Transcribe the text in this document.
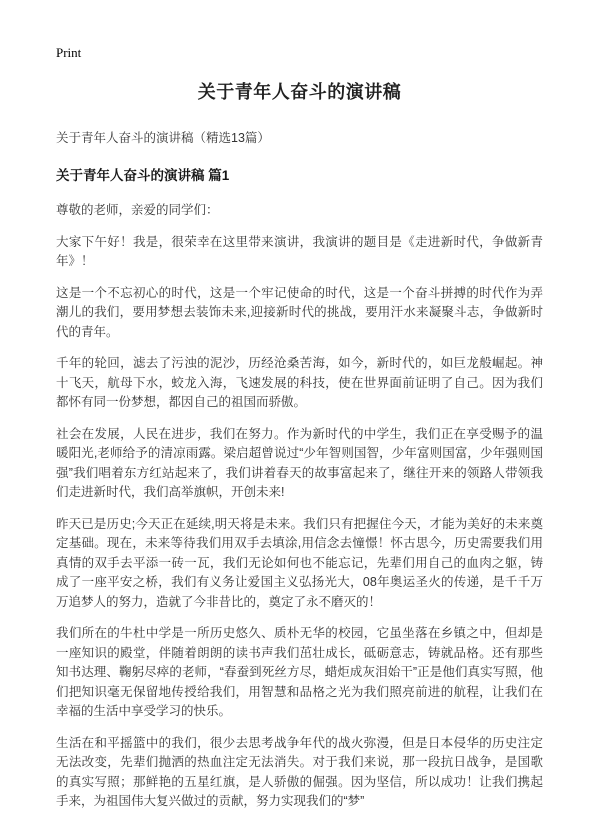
Print
关于青年人奋斗的演讲稿

关于青年人奋斗的演讲稿（精选13篇）

关于青年人奋斗的演讲稿 篇1

尊敬的老师，亲爱的同学们：

大家下午好！我是，很荣幸在这里带来演讲，我演讲的题目是《走进新时代，争做新青年》！

这是一个不忘初心的时代，这是一个牢记使命的时代，这是一个奋斗拼搏的时代作为弄潮儿的我们，要用梦想去装饰未来,迎接新时代的挑战，要用汗水来凝聚斗志，争做新时代的青年。

千年的轮回，滤去了污浊的泥沙，历经沧桑苦海，如今，新时代的，如巨龙般崛起。神十飞天，航母下水，蛟龙入海，飞速发展的科技，使在世界面前证明了自己。因为我们都怀有同一份梦想，都因自己的祖国而骄傲。

社会在发展，人民在进步，我们在努力。作为新时代的中学生，我们正在享受赐予的温暖阳光,老师给予的清凉雨露。梁启超曾说过“少年智则国智，少年富则国富，少年强则国强”我们唱着东方红站起来了，我们讲着春天的故事富起来了，继往开来的领路人带领我们走进新时代，我们高举旗帜，开创未来!

昨天已是历史;今天正在延续,明天将是未来。我们只有把握住今天，才能为美好的未来奠定基础。现在，未来等待我们用双手去填涂,用信念去憧憬！怀古思今，历史需要我们用真情的双手去平添一砖一瓦，我们无论如何也不能忘记，先辈们用自己的血肉之躯，铸成了一座平安之桥，我们有义务让爱国主义弘扬光大，08年奥运圣火的传递，是千千万万追梦人的努力，造就了今非昔比的，奠定了永不磨灭的！

我们所在的牛杜中学是一所历史悠久、质朴无华的校园，它虽坐落在乡镇之中，但却是一座知识的殿堂，伴随着朗朗的读书声我们茁壮成长，砥砺意志，铸就品格。还有那些知书达理、鞠躬尽瘁的老师，“春蚕到死丝方尽，蜡炬成灰泪始干”正是他们真实写照，他们把知识毫无保留地传授给我们，用智慧和品格之光为我们照亮前进的航程，让我们在幸福的生活中享受学习的快乐。

生活在和平摇篮中的我们，很少去思考战争年代的战火弥漫，但是日本侵华的历史注定无法改变，先辈们抛洒的热血注定无法消失。对于我们来说，那一段抗日战争，是国歌的真实写照；那鲜艳的五星红旗，是人骄傲的倔强。因为坚信，所以成功！让我们携起手来，为祖国伟大复兴做过的贡献，努力实现我们的“梦”
